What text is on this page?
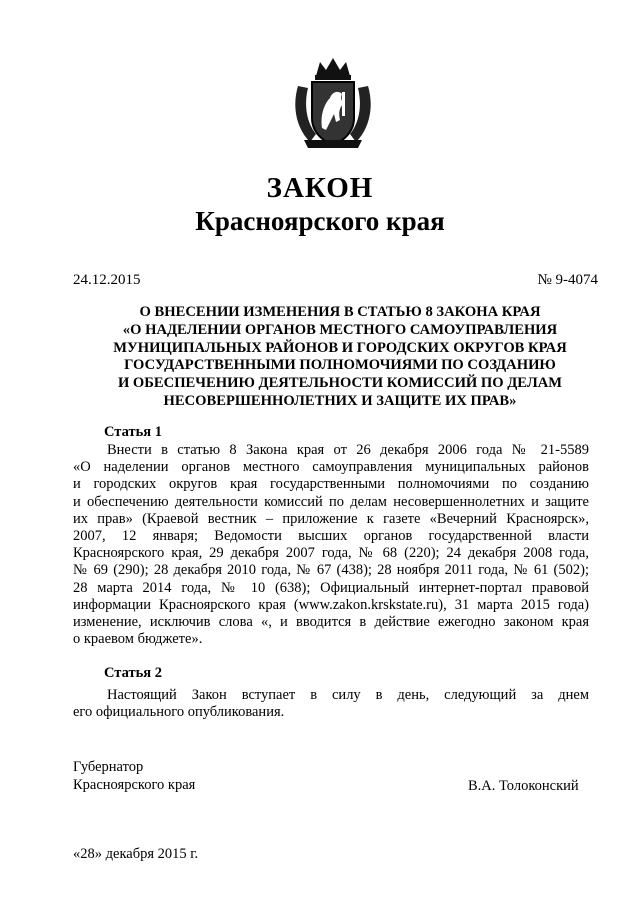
ЗАКОН
Красноярского края
24.12.2015	№ 9-4074
О ВНЕСЕНИИ ИЗМЕНЕНИЯ В СТАТЬЮ 8 ЗАКОНА КРАЯ
«О НАДЕЛЕНИИ ОРГАНОВ МЕСТНОГО САМОУПРАВЛЕНИЯ
МУНИЦИПАЛЬНЫХ РАЙОНОВ И ГОРОДСКИХ ОКРУГОВ КРАЯ
ГОСУДАРСТВЕННЫМИ ПОЛНОМОЧИЯМИ ПО СОЗДАНИЮ
И ОБЕСПЕЧЕНИЮ ДЕЯТЕЛЬНОСТИ КОМИССИЙ ПО ДЕЛАМ
НЕСОВЕРШЕННОЛЕТНИХ И ЗАЩИТЕ ИХ ПРАВ»
Статья 1
Внести в статью 8 Закона края от 26 декабря 2006 года № 21-5589
«О наделении органов местного самоуправления муниципальных районов
и городских округов края государственными полномочиями по созданию
и обеспечению деятельности комиссий по делам несовершеннолетних и защите
их прав» (Краевой вестник – приложение к газете «Вечерний Красноярск»,
2007, 12 января; Ведомости высших органов государственной власти
Красноярского края, 29 декабря 2007 года, № 68 (220); 24 декабря 2008 года,
№ 69 (290); 28 декабря 2010 года, № 67 (438); 28 ноября 2011 года, № 61 (502);
28 марта 2014 года, № 10 (638); Официальный интернет-портал правовой
информации Красноярского края (www.zakon.krskstate.ru), 31 марта 2015 года)
изменение, исключив слова «, и вводится в действие ежегодно законом края
о краевом бюджете».
Статья 2
Настоящий Закон вступает в силу в день, следующий за днем
его официального опубликования.
Губернатор
Красноярского края	В.А. Толоконский
«28» декабря 2015 г.
